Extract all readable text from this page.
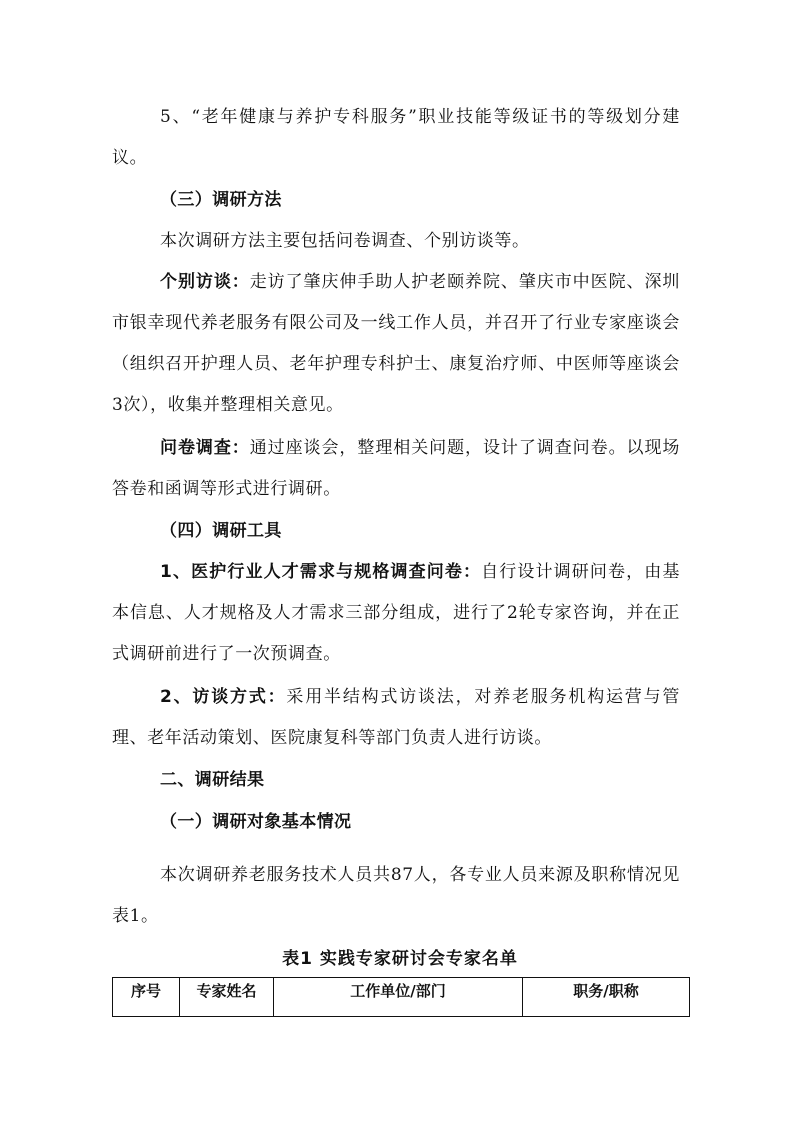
5、“老年健康与养护专科服务”职业技能等级证书的等级划分建议。

（三）调研方法

本次调研方法主要包括问卷调查、个别访谈等。

个别访谈：走访了肇庆伸手助人护老颐养院、肇庆市中医院、深圳市银幸现代养老服务有限公司及一线工作人员，并召开了行业专家座谈会（组织召开护理人员、老年护理专科护士、康复治疗师、中医师等座谈会3次），收集并整理相关意见。

问卷调查：通过座谈会，整理相关问题，设计了调查问卷。以现场答卷和函调等形式进行调研。

（四）调研工具

1、医护行业人才需求与规格调查问卷：自行设计调研问卷，由基本信息、人才规格及人才需求三部分组成，进行了2轮专家咨询，并在正式调研前进行了一次预调查。

2、访谈方式：采用半结构式访谈法，对养老服务机构运营与管理、老年活动策划、医院康复科等部门负责人进行访谈。

二、调研结果

（一）调研对象基本情况

本次调研养老服务技术人员共87人，各专业人员来源及职称情况见表1。

表1 实践专家研讨会专家名单
序号	专家姓名	工作单位/部门	职务/职称
